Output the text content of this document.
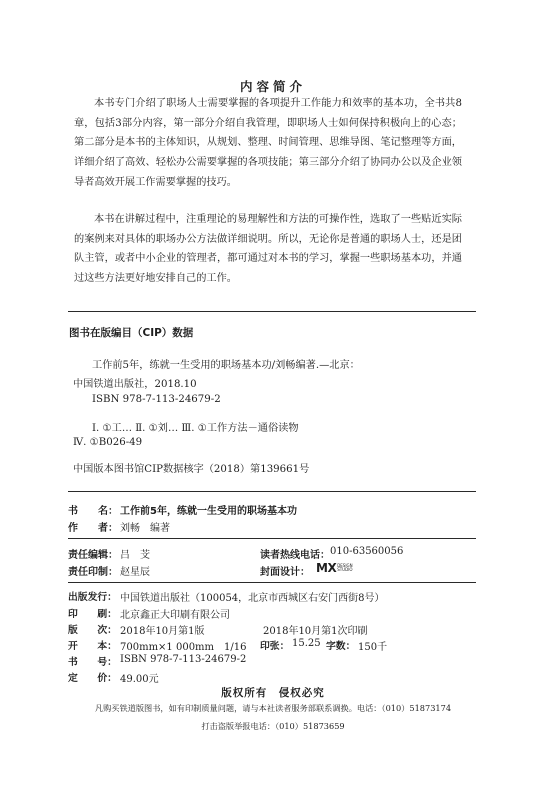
内容简介

本书专门介绍了职场人士需要掌握的各项提升工作能力和效率的基本功，全书共8章，包括3部分内容，第一部分介绍自我管理，即职场人士如何保持积极向上的心态；第二部分是本书的主体知识，从规划、整理、时间管理、思维导图、笔记整理等方面，详细介绍了高效、轻松办公需要掌握的各项技能；第三部分介绍了协同办公以及企业领导者高效开展工作需要掌握的技巧。

本书在讲解过程中，注重理论的易理解性和方法的可操作性，选取了一些贴近实际的案例来对具体的职场办公方法做详细说明。所以，无论你是普通的职场人士，还是团队主管，或者中小企业的管理者，都可通过对本书的学习，掌握一些职场基本功，并通过这些方法更好地安排自己的工作。

图书在版编目（CIP）数据
工作前5年，练就一生受用的职场基本功/刘畅编著.—北京：
中国铁道出版社，2018.10
ISBN 978-7-113-24679-2
Ⅰ. ①工… Ⅱ. ①刘… Ⅲ. ①工作方法－通俗读物
Ⅳ. ①B026-49
中国版本图书馆CIP数据核字（2018）第139661号
书　　名： 工作前5年，练就一生受用的职场基本功
作　　者： 刘畅　编著
责任编辑： 吕　芠	读者热线电话： 010-63560056
责任印制： 赵星辰	封面设计： MX DESIGN
STUDIO
出版发行： 中国铁道出版社（100054，北京市西城区右安门西街8号）
印　　刷： 北京鑫正大印刷有限公司
版　　次： 2018年10月第1版	2018年10月第1次印刷
开　　本： 700mm×1 000mm　1/16 印张： 15.25 字数： 150千
书　　号： ISBN 978-7-113-24679-2
定　　价： 49.00元
版权所有　侵权必究
凡购买铁道版图书，如有印制质量问题，请与本社读者服务部联系调换。电话：（010）51873174
打击盗版举报电话：（010）51873659
